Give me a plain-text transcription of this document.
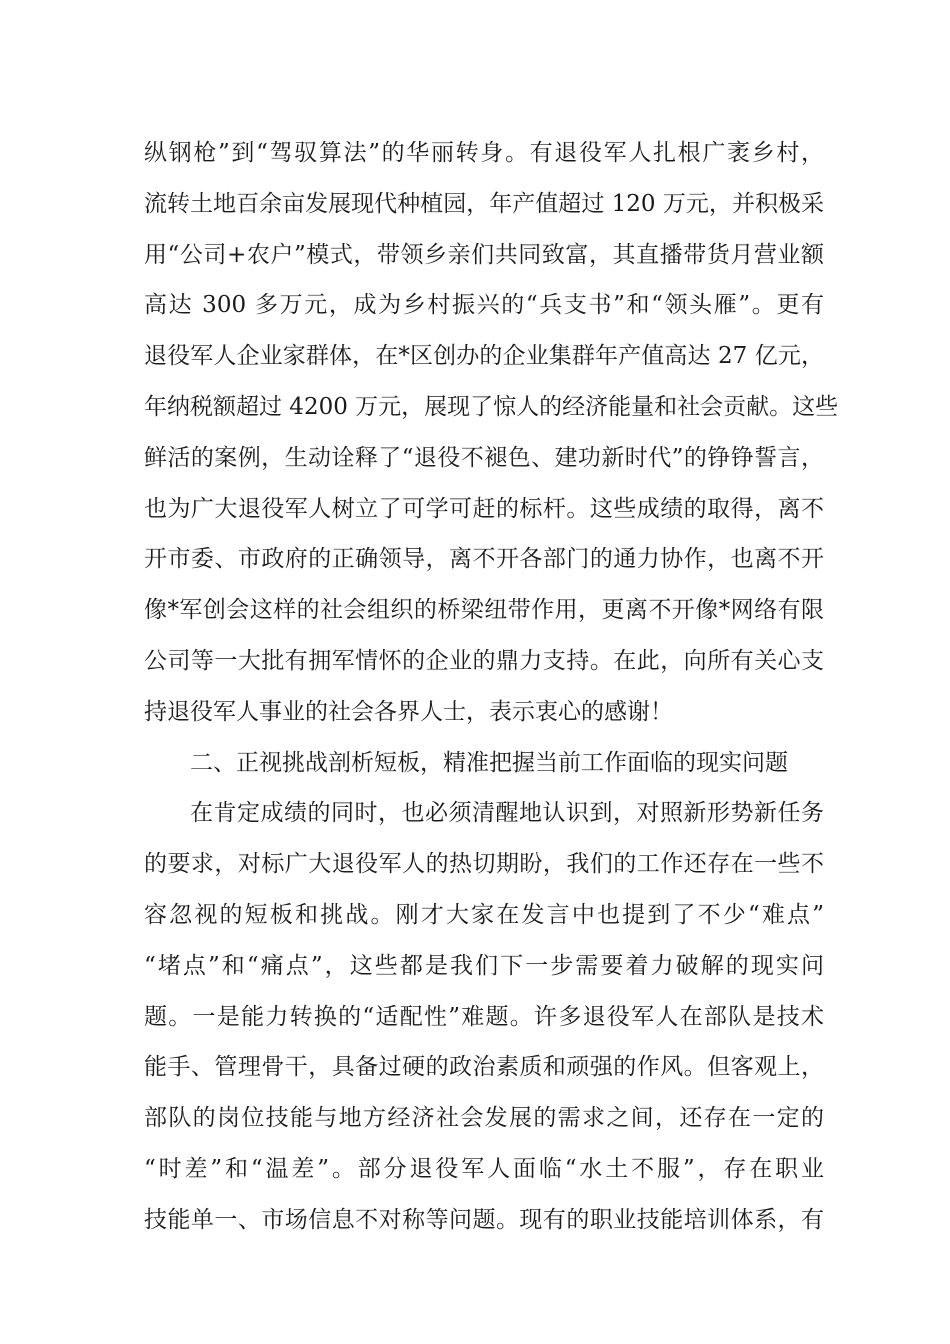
纵钢枪”到“驾驭算法”的华丽转身。有退役军人扎根广袤乡村，
流转土地百余亩发展现代种植园，年产值超过 120 万元，并积极采
用“公司+农户”模式，带领乡亲们共同致富，其直播带货月营业额
高达 300 多万元，成为乡村振兴的“兵支书”和“领头雁”。更有
退役军人企业家群体，在*区创办的企业集群年产值高达 27 亿元，
年纳税额超过 4200 万元，展现了惊人的经济能量和社会贡献。这些
鲜活的案例，生动诠释了“退役不褪色、建功新时代”的铮铮誓言，
也为广大退役军人树立了可学可赶的标杆。这些成绩的取得，离不
开市委、市政府的正确领导，离不开各部门的通力协作，也离不开
像*军创会这样的社会组织的桥梁纽带作用，更离不开像*网络有限
公司等一大批有拥军情怀的企业的鼎力支持。在此，向所有关心支
持退役军人事业的社会各界人士，表示衷心的感谢！
二、正视挑战剖析短板，精准把握当前工作面临的现实问题
在肯定成绩的同时，也必须清醒地认识到，对照新形势新任务
的要求，对标广大退役军人的热切期盼，我们的工作还存在一些不
容忽视的短板和挑战。刚才大家在发言中也提到了不少“难点”
“堵点”和“痛点”，这些都是我们下一步需要着力破解的现实问
题。一是能力转换的“适配性”难题。许多退役军人在部队是技术
能手、管理骨干，具备过硬的政治素质和顽强的作风。但客观上，
部队的岗位技能与地方经济社会发展的需求之间，还存在一定的
“时差”和“温差”。部分退役军人面临“水土不服”，存在职业
技能单一、市场信息不对称等问题。现有的职业技能培训体系，有
